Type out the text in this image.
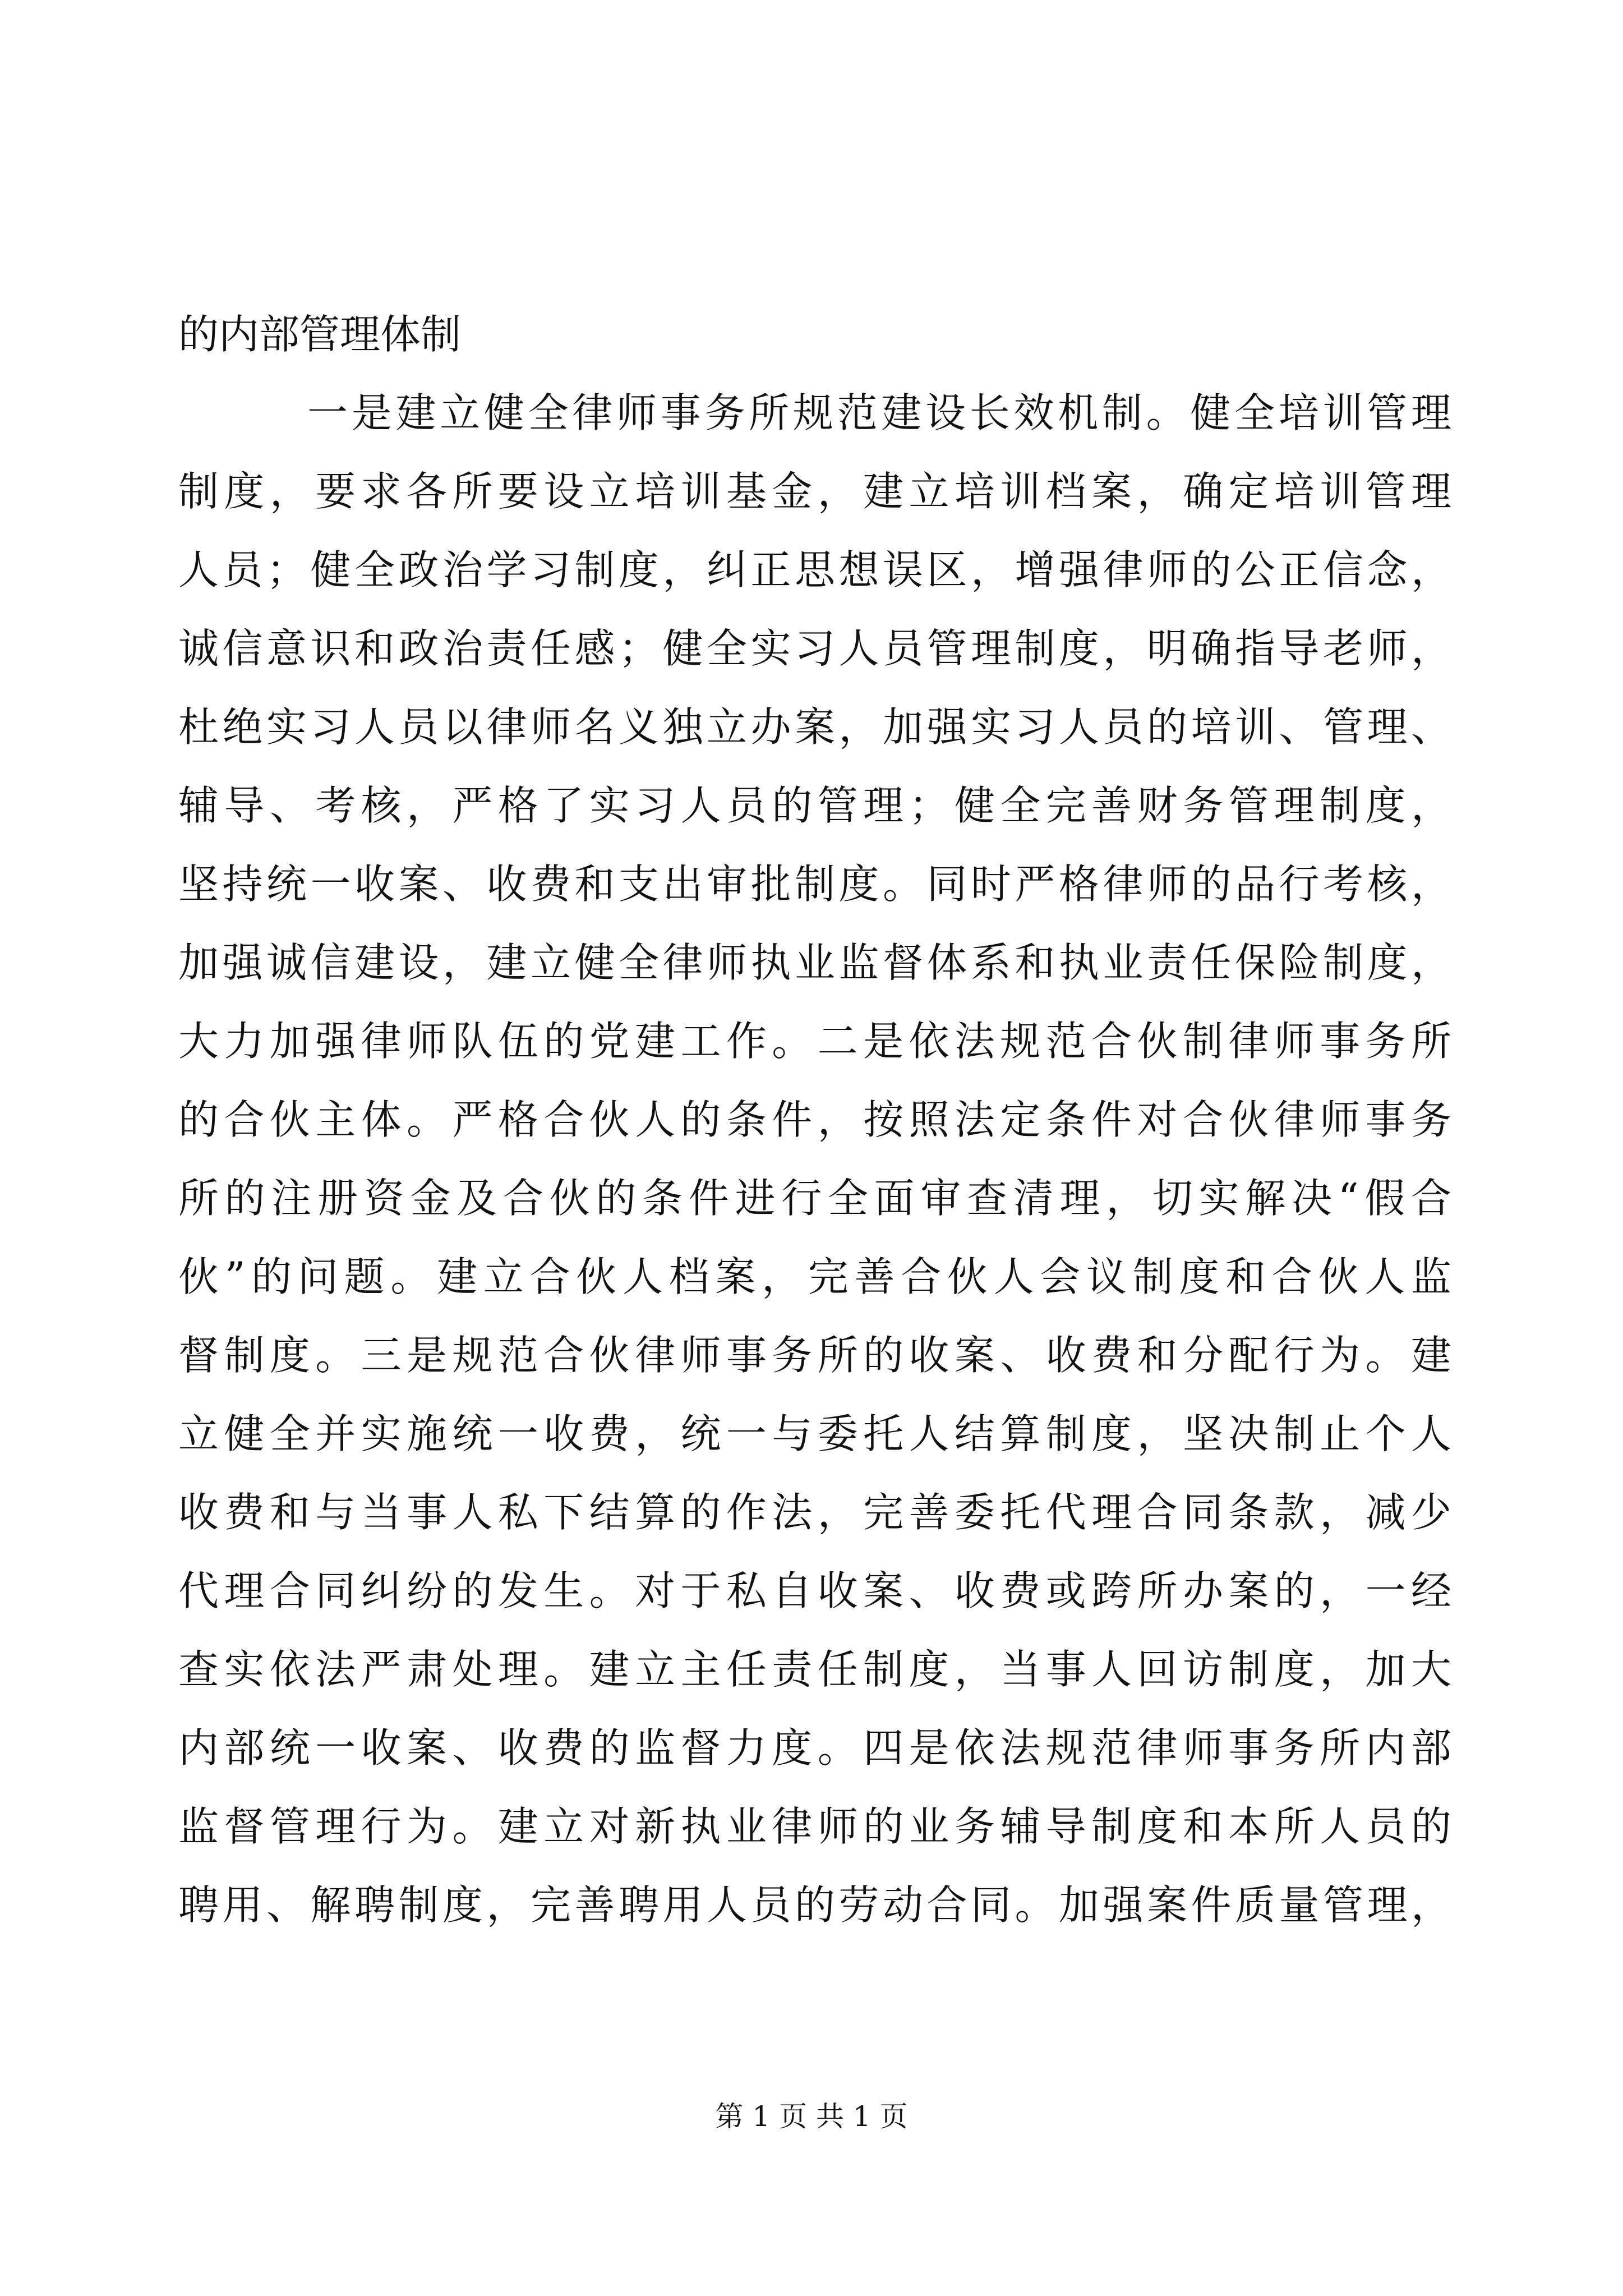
的内部管理体制
一是建立健全律师事务所规范建设长效机制。健全培训管理
制度，要求各所要设立培训基金，建立培训档案，确定培训管理
人员；健全政治学习制度，纠正思想误区，增强律师的公正信念，
诚信意识和政治责任感；健全实习人员管理制度，明确指导老师，
杜绝实习人员以律师名义独立办案，加强实习人员的培训、管理、
辅导、考核，严格了实习人员的管理；健全完善财务管理制度，
坚持统一收案、收费和支出审批制度。同时严格律师的品行考核，
加强诚信建设，建立健全律师执业监督体系和执业责任保险制度，
大力加强律师队伍的党建工作。二是依法规范合伙制律师事务所
的合伙主体。严格合伙人的条件，按照法定条件对合伙律师事务
所的注册资金及合伙的条件进行全面审查清理，切实解决“假合
伙”的问题。建立合伙人档案，完善合伙人会议制度和合伙人监
督制度。三是规范合伙律师事务所的收案、收费和分配行为。建
立健全并实施统一收费，统一与委托人结算制度，坚决制止个人
收费和与当事人私下结算的作法，完善委托代理合同条款，减少
代理合同纠纷的发生。对于私自收案、收费或跨所办案的，一经
查实依法严肃处理。建立主任责任制度，当事人回访制度，加大
内部统一收案、收费的监督力度。四是依法规范律师事务所内部
监督管理行为。建立对新执业律师的业务辅导制度和本所人员的
聘用、解聘制度，完善聘用人员的劳动合同。加强案件质量管理，
第 1 页 共 1 页
